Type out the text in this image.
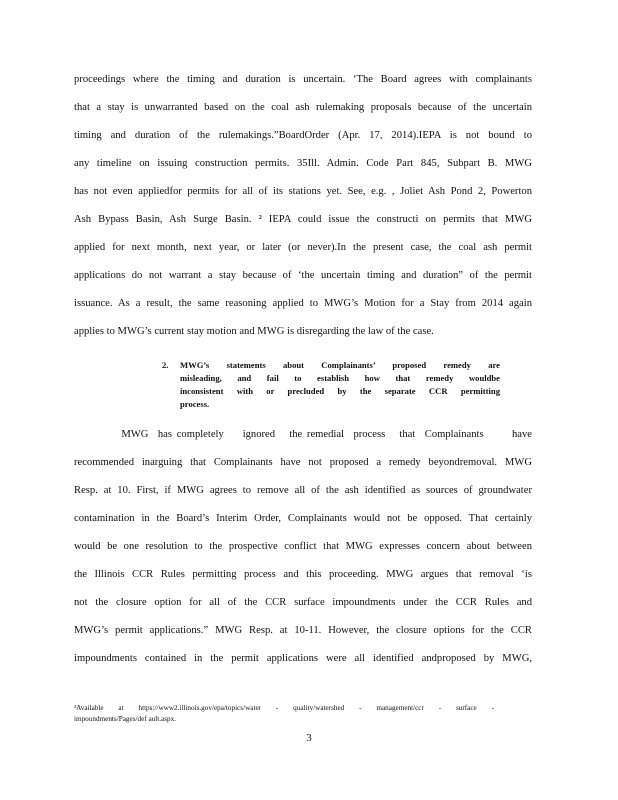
proceedings where the timing and duration is uncertain. ‘The Board agrees with complainants

that a stay is unwarranted based on the coal ash rulemaking proposals because of the uncertain

timing and duration of the rulemakings.”BoardOrder (Apr. 17, 2014).IEPA is not bound to

any timeline on issuing construction permits. 35Ill. Admin. Code Part 845, Subpart B. MWG

has not even appliedfor permits for all of its stations yet. See, e.g. , Joliet Ash Pond 2, Powerton

Ash Bypass Basin, Ash Surge Basin. ² IEPA could issue the constructi on permits that MWG

applied for next month, next year, or later (or never).In the present case, the coal ash permit

applications do not warrant a stay because of ‘the uncertain timing and duration” of the permit

issuance. As a result, the same reasoning applied to MWG’s Motion for a Stay from 2014 again

applies to MWG’s current stay motion and MWG is disregarding the law of the case.

2. MWG’s statements about Complainants’ proposed remedy are
misleading, and fail to establish how that remedy wouldbe
inconsistent with or precluded by the separate CCR permitting
process.

MWG  has completely    ignored   the remedial  process   that  Complainants      have

recommended inarguing that Complainants have not proposed a remedy beyondremoval. MWG

Resp. at 10. First, if MWG agrees to remove all of the ash identified as sources of groundwater

contamination in the Board’s Interim Order, Complainants would not be opposed. That certainly

would be one resolution to the prospective conflict that MWG expresses concern about between

the Illinois CCR Rules permitting process and this proceeding. MWG argues that removal ‘is

not the closure option for all of the CCR surface impoundments under the CCR Rules and

MWG’s permit applications.” MWG Resp. at 10-11. However, the closure options for the CCR

impoundments contained in the permit applications were all identified andproposed by MWG,

²Available at https://www2.illinois.gov/epa/topics/water - quality/watershed - management/ccr - surface -

impoundments/Pages/def ault.aspx.

3
